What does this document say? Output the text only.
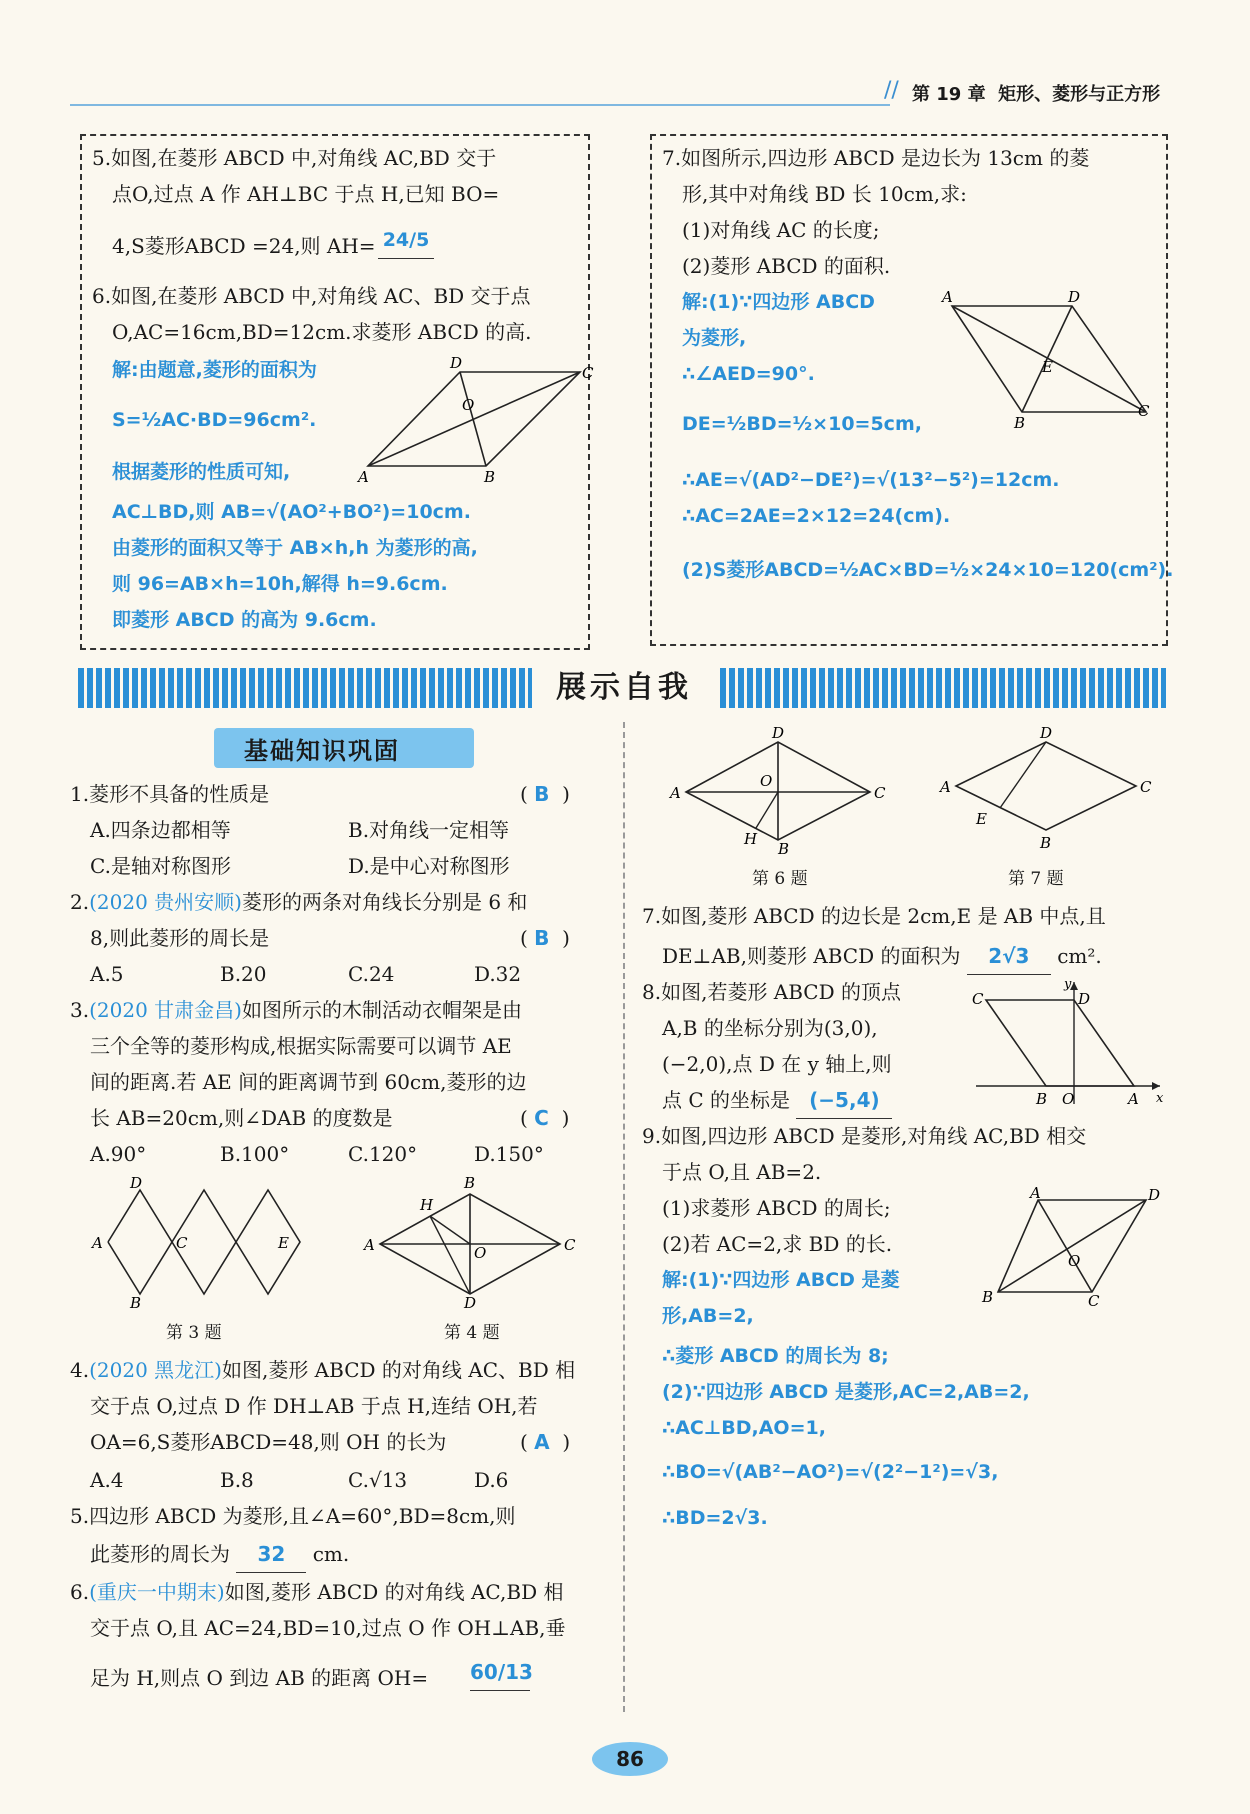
// 第 19 章 矩形、菱形与正方形
5.如图,在菱形 ABCD 中,对角线 AC,BD 交于
点O,过点 A 作 AH⊥BC 于点 H,已知 BO=
4,S菱形ABCD =24,则 AH= 24/5
6.如图,在菱形 ABCD 中,对角线 AC、BD 交于点
O,AC=16cm,BD=12cm.求菱形 ABCD 的高.
解:由题意,菱形的面积为
S=½AC·BD=96cm².
根据菱形的性质可知,
AC⊥BD,则 AB=√(AO²+BO²)=10cm.
由菱形的面积又等于 AB×h,h 为菱形的高,
则 96=AB×h=10h,解得 h=9.6cm.
即菱形 ABCD 的高为 9.6cm.
A	B
C
D
O
7.如图所示,四边形 ABCD 是边长为 13cm 的菱
形,其中对角线 BD 长 10cm,求:
(1)对角线 AC 的长度;
(2)菱形 ABCD 的面积.
解:(1)∵四边形 ABCD
为菱形,
∴∠AED=90°.
DE=½BD=½×10=5cm,
∴AE=√(AD²−DE²)=√(13²−5²)=12cm.
∴AC=2AE=2×12=24(cm).
(2)S菱形ABCD=½AC×BD=½×24×10=120(cm²).
A	D
B
C
E
展示自我
基础知识巩固
1.菱形不具备的性质是	( B  )
A.四条边都相等	B.对角线一定相等
C.是轴对称图形	D.是中心对称图形
2.(2020 贵州安顺)菱形的两条对角线长分别是 6 和
8,则此菱形的周长是	( B  )
A.5	B.20	C.24	D.32
3.(2020 甘肃金昌)如图所示的木制活动衣帽架是由
三个全等的菱形构成,根据实际需要可以调节 AE
间的距离.若 AE 间的距离调节到 60cm,菱形的边
长 AB=20cm,则∠DAB 的度数是	( C  )
A.90°	B.100°	C.120°	D.150°
D
A	C
B
E
第 3 题
A
B
C
D
H
O
第 4 题
4.(2020 黑龙江)如图,菱形 ABCD 的对角线 AC、BD 相
交于点 O,过点 D 作 DH⊥AB 于点 H,连结 OH,若
OA=6,S菱形ABCD=48,则 OH 的长为	( A  )
A.4	B.8	C.√13	D.6
5.四边形 ABCD 为菱形,且∠A=60°,BD=8cm,则
此菱形的周长为 32 cm.
6.(重庆一中期末)如图,菱形 ABCD 的对角线 AC,BD 相
交于点 O,且 AC=24,BD=10,过点 O 作 OH⊥AB,垂
足为 H,则点 O 到边 AB 的距离 OH= 60/13
A
D
C
B
H
O
第 6 题
A
D
C
B
E
第 7 题
7.如图,菱形 ABCD 的边长是 2cm,E 是 AB 中点,且
DE⊥AB,则菱形 ABCD 的面积为 2√3 cm².
8.如图,若菱形 ABCD 的顶点
A,B 的坐标分别为(3,0),
(−2,0),点 D 在 y 轴上,则
点 C 的坐标是 (−5,4)
C	D
B O	A x
y
9.如图,四边形 ABCD 是菱形,对角线 AC,BD 相交
于点 O,且 AB=2.
(1)求菱形 ABCD 的周长;
(2)若 AC=2,求 BD 的长.
A	D
B	C
O
解:(1)∵四边形 ABCD 是菱
形,AB=2,
∴菱形 ABCD 的周长为 8;
(2)∵四边形 ABCD 是菱形,AC=2,AB=2,
∴AC⊥BD,AO=1,
∴BO=√(AB²−AO²)=√(2²−1²)=√3,
∴BD=2√3.
86
